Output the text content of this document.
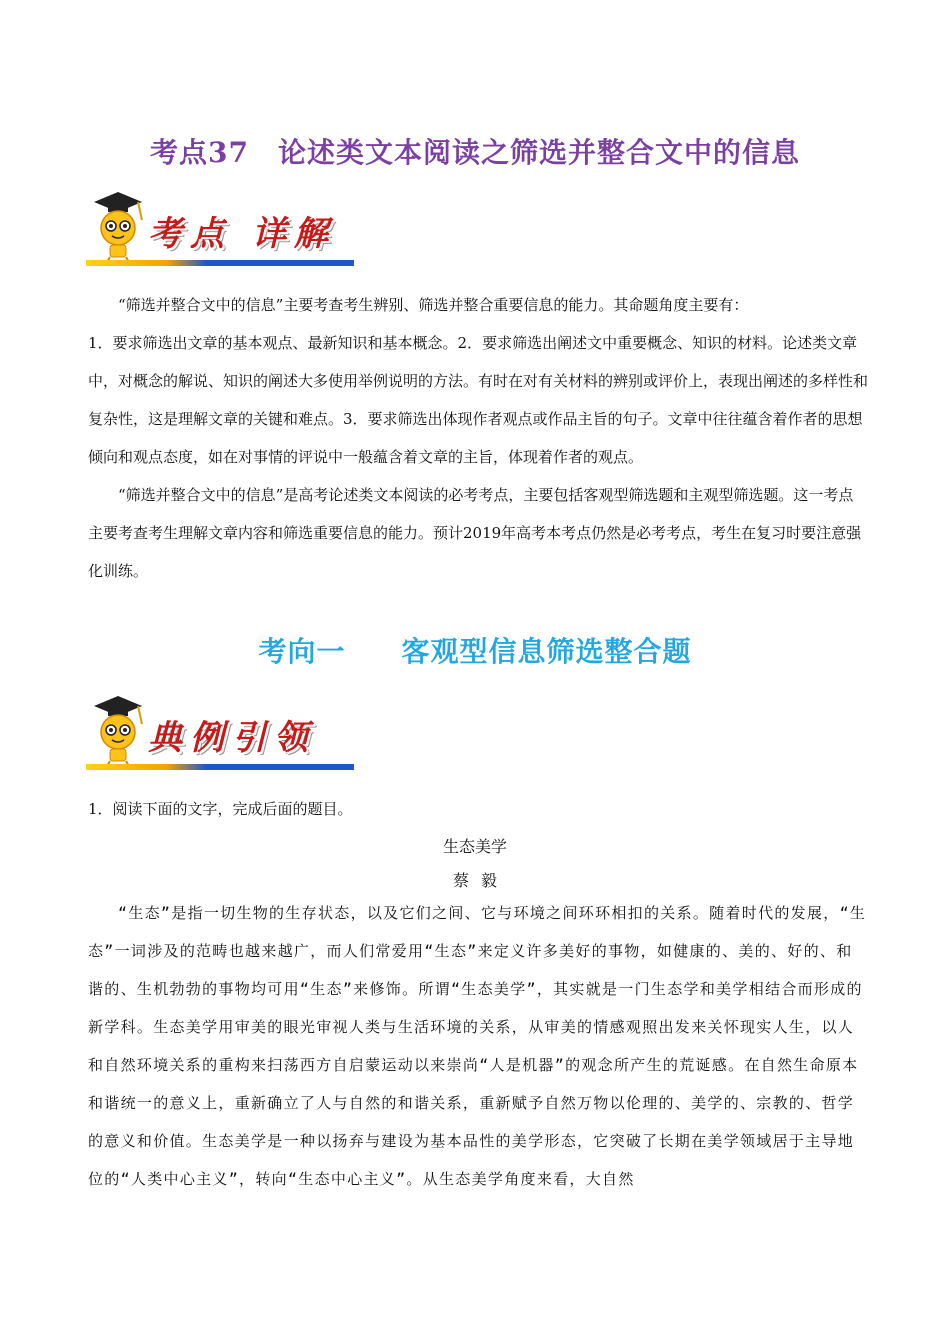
考点37　论述类文本阅读之筛选并整合文中的信息
考点 详解

“筛选并整合文中的信息”主要考查考生辨别、筛选并整合重要信息的能力。其命题角度主要有：

1．要求筛选出文章的基本观点、最新知识和基本概念。2．要求筛选出阐述文中重要概念、知识的材料。论述类文章中，对概念的解说、知识的阐述大多使用举例说明的方法。有时在对有关材料的辨别或评价上，表现出阐述的多样性和复杂性，这是理解文章的关键和难点。3．要求筛选出体现作者观点或作品主旨的句子。文章中往往蕴含着作者的思想倾向和观点态度，如在对事情的评说中一般蕴含着文章的主旨，体现着作者的观点。

“筛选并整合文中的信息”是高考论述类文本阅读的必考考点，主要包括客观型筛选题和主观型筛选题。这一考点主要考查考生理解文章内容和筛选重要信息的能力。预计2019年高考本考点仍然是必考考点，考生在复习时要注意强化训练。

考向一 客观型信息筛选整合题
典例引领
1．阅读下面的文字，完成后面的题目。
生态美学
蔡毅

“生态”是指一切生物的生存状态，以及它们之间、它与环境之间环环相扣的关系。随着时代的发展，“生态”一词涉及的范畴也越来越广，而人们常爱用“生态”来定义许多美好的事物，如健康的、美的、好的、和谐的、生机勃勃的事物均可用“生态”来修饰。所谓“生态美学”，其实就是一门生态学和美学相结合而形成的新学科。生态美学用审美的眼光审视人类与生活环境的关系，从审美的情感观照出发来关怀现实人生，以人和自然环境关系的重构来扫荡西方自启蒙运动以来崇尚“人是机器”的观念所产生的荒诞感。在自然生命原本和谐统一的意义上，重新确立了人与自然的和谐关系，重新赋予自然万物以伦理的、美学的、宗教的、哲学的意义和价值。生态美学是一种以扬弃与建设为基本品性的美学形态，它突破了长期在美学领域居于主导地位的“人类中心主义”，转向“生态中心主义”。从生态美学角度来看，大自然
